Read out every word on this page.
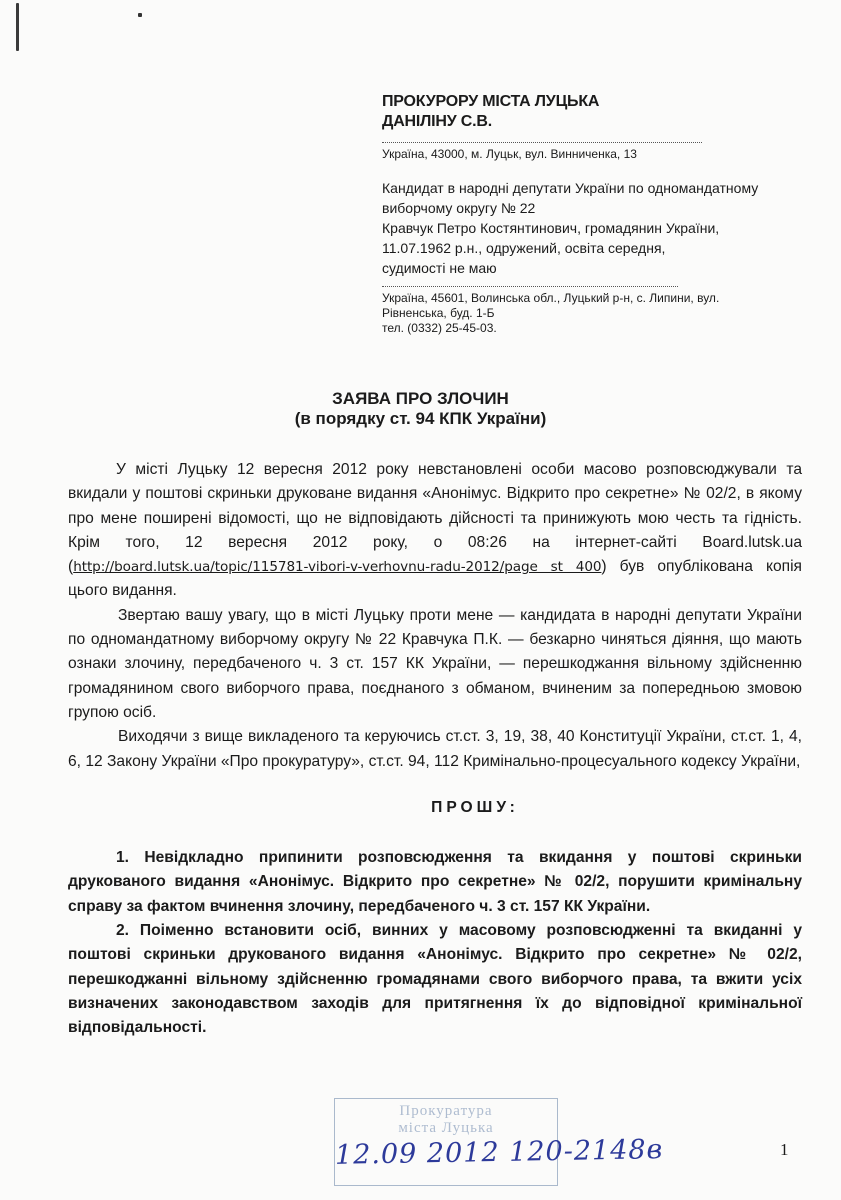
ПРОКУРОРУ МІСТА ЛУЦЬКА
ДАНІЛІНУ С.В.
Україна, 43000, м. Луцьк, вул. Винниченка, 13

Кандидат в народні депутати України по одномандатному

виборчому округу № 22

Кравчук Петро Костянтинович, громадянин України,

11.07.1962 р.н., одружений, освіта середня,

судимості не маю

Україна, 45601, Волинська обл., Луцький р-н, с. Липини, вул.
Рівненська, буд. 1-Б
тел. (0332) 25-45-03.
ЗАЯВА ПРО ЗЛОЧИН
(в порядку ст. 94 КПК України)

У місті Луцьку 12 вересня 2012 року невстановлені особи масово розповсюджували та вкидали у поштові скриньки друковане видання «Анонімус. Відкрито про секретне» № 02/2, в якому про мене поширені відомості, що не відповідають дійсності та принижують мою честь та гідність. Крім того, 12 вересня 2012 року, о 08:26 на інтернет-сайті Board.lutsk.ua (http://board.lutsk.ua/topic/115781-vibori-v-verhovnu-radu-2012/page st 400) був опублікована копія цього видання.

Звертаю вашу увагу, що в місті Луцьку проти мене — кандидата в народні депутати України по одномандатному виборчому округу № 22 Кравчука П.К. — безкарно чиняться діяння, що мають ознаки злочину, передбаченого ч. 3 ст. 157 КК України, — перешкоджання вільному здійсненню громадянином свого виборчого права, поєднаного з обманом, вчиненим за попередньою змовою групою осіб.

Виходячи з вище викладеного та керуючись ст.ст. 3, 19, 38, 40 Конституції України, ст.ст. 1, 4, 6, 12 Закону України «Про прокуратуру», ст.ст. 94, 112 Кримінально-процесуального кодексу України,

ПРОШУ:

1. Невідкладно припинити розповсюдження та вкидання у поштові скриньки друкованого видання «Анонімус. Відкрито про секретне» № 02/2, порушити кримінальну справу за фактом вчинення злочину, передбаченого ч. 3 ст. 157 КК України.

2. Поіменно встановити осіб, винних у масовому розповсюдженні та вкиданні у поштові скриньки друкованого видання «Анонімус. Відкрито про секретне» № 02/2, перешкоджанні вільному здійсненню громадянами свого виборчого права, та вжити усіх визначених законодавством заходів для притягнення їх до відповідної кримінальної відповідальності.

Прокуратура
міста Луцька
12.09 2012 120-2148в	1
